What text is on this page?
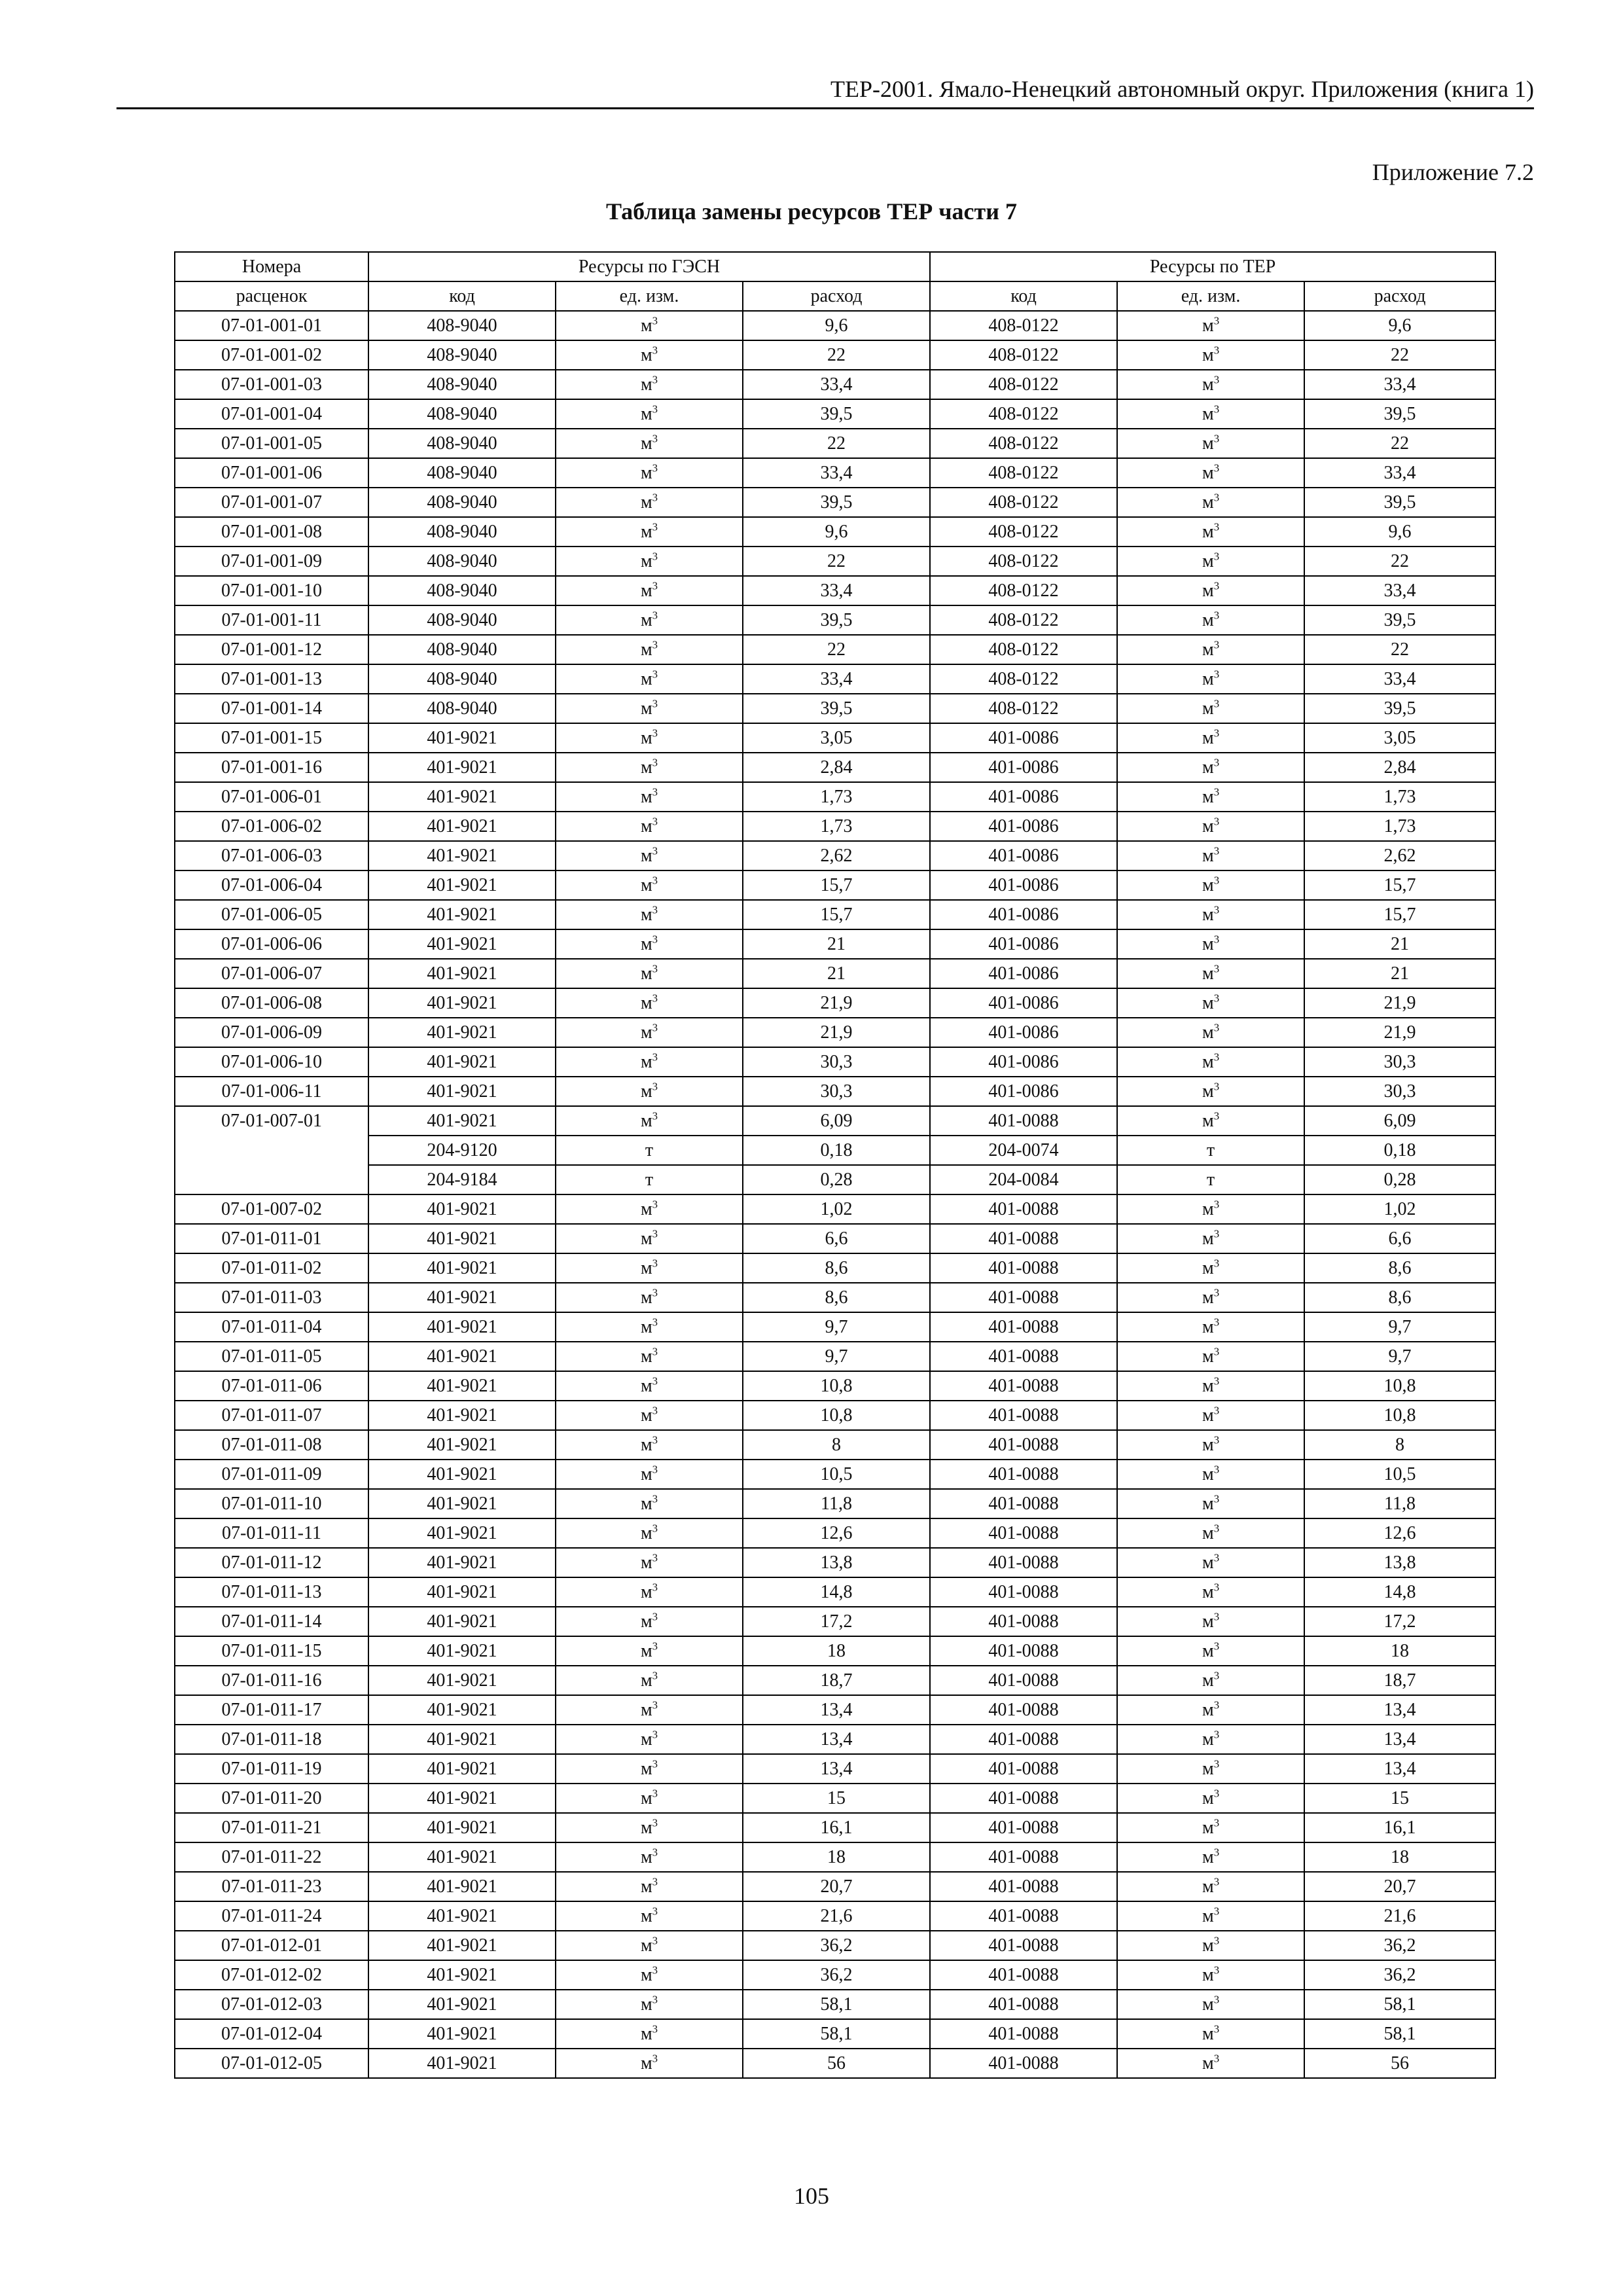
ТЕР-2001. Ямало-Ненецкий автономный округ. Приложения (книга 1)
Приложение 7.2
Таблица замены ресурсов ТЕР части 7
Номера	Ресурсы по ГЭСН			Ресурсы по ТЕР		
расценок	код	ед. изм.	расход	код	ед. изм.	расход
07-01-001-01	408-9040	$м^3$	9,6	408-0122	$м^3$	9,6
07-01-001-02	408-9040	$м^3$	22	408-0122	$м^3$	22
07-01-001-03	408-9040	$м^3$	33,4	408-0122	$м^3$	33,4
07-01-001-04	408-9040	$м^3$	39,5	408-0122	$м^3$	39,5
07-01-001-05	408-9040	$м^3$	22	408-0122	$м^3$	22
07-01-001-06	408-9040	$м^3$	33,4	408-0122	$м^3$	33,4
07-01-001-07	408-9040	$м^3$	39,5	408-0122	$м^3$	39,5
07-01-001-08	408-9040	$м^3$	9,6	408-0122	$м^3$	9,6
07-01-001-09	408-9040	$м^3$	22	408-0122	$м^3$	22
07-01-001-10	408-9040	$м^3$	33,4	408-0122	$м^3$	33,4
07-01-001-11	408-9040	$м^3$	39,5	408-0122	$м^3$	39,5
07-01-001-12	408-9040	$м^3$	22	408-0122	$м^3$	22
07-01-001-13	408-9040	$м^3$	33,4	408-0122	$м^3$	33,4
07-01-001-14	408-9040	$м^3$	39,5	408-0122	$м^3$	39,5
07-01-001-15	401-9021	$м^3$	3,05	401-0086	$м^3$	3,05
07-01-001-16	401-9021	$м^3$	2,84	401-0086	$м^3$	2,84
07-01-006-01	401-9021	$м^3$	1,73	401-0086	$м^3$	1,73
07-01-006-02	401-9021	$м^3$	1,73	401-0086	$м^3$	1,73
07-01-006-03	401-9021	$м^3$	2,62	401-0086	$м^3$	2,62
07-01-006-04	401-9021	$м^3$	15,7	401-0086	$м^3$	15,7
07-01-006-05	401-9021	$м^3$	15,7	401-0086	$м^3$	15,7
07-01-006-06	401-9021	$м^3$	21	401-0086	$м^3$	21
07-01-006-07	401-9021	$м^3$	21	401-0086	$м^3$	21
07-01-006-08	401-9021	$м^3$	21,9	401-0086	$м^3$	21,9
07-01-006-09	401-9021	$м^3$	21,9	401-0086	$м^3$	21,9
07-01-006-10	401-9021	$м^3$	30,3	401-0086	$м^3$	30,3
07-01-006-11	401-9021	$м^3$	30,3	401-0086	$м^3$	30,3
07-01-007-01	401-9021	$м^3$	6,09	401-0088	$м^3$	6,09
	204-9120	т	0,18	204-0074	т	0,18
	204-9184	т	0,28	204-0084	т	0,28
07-01-007-02	401-9021	$м^3$	1,02	401-0088	$м^3$	1,02
07-01-011-01	401-9021	$м^3$	6,6	401-0088	$м^3$	6,6
07-01-011-02	401-9021	$м^3$	8,6	401-0088	$м^3$	8,6
07-01-011-03	401-9021	$м^3$	8,6	401-0088	$м^3$	8,6
07-01-011-04	401-9021	$м^3$	9,7	401-0088	$м^3$	9,7
07-01-011-05	401-9021	$м^3$	9,7	401-0088	$м^3$	9,7
07-01-011-06	401-9021	$м^3$	10,8	401-0088	$м^3$	10,8
07-01-011-07	401-9021	$м^3$	10,8	401-0088	$м^3$	10,8
07-01-011-08	401-9021	$м^3$	8	401-0088	$м^3$	8
07-01-011-09	401-9021	$м^3$	10,5	401-0088	$м^3$	10,5
07-01-011-10	401-9021	$м^3$	11,8	401-0088	$м^3$	11,8
07-01-011-11	401-9021	$м^3$	12,6	401-0088	$м^3$	12,6
07-01-011-12	401-9021	$м^3$	13,8	401-0088	$м^3$	13,8
07-01-011-13	401-9021	$м^3$	14,8	401-0088	$м^3$	14,8
07-01-011-14	401-9021	$м^3$	17,2	401-0088	$м^3$	17,2
07-01-011-15	401-9021	$м^3$	18	401-0088	$м^3$	18
07-01-011-16	401-9021	$м^3$	18,7	401-0088	$м^3$	18,7
07-01-011-17	401-9021	$м^3$	13,4	401-0088	$м^3$	13,4
07-01-011-18	401-9021	$м^3$	13,4	401-0088	$м^3$	13,4
07-01-011-19	401-9021	$м^3$	13,4	401-0088	$м^3$	13,4
07-01-011-20	401-9021	$м^3$	15	401-0088	$м^3$	15
07-01-011-21	401-9021	$м^3$	16,1	401-0088	$м^3$	16,1
07-01-011-22	401-9021	$м^3$	18	401-0088	$м^3$	18
07-01-011-23	401-9021	$м^3$	20,7	401-0088	$м^3$	20,7
07-01-011-24	401-9021	$м^3$	21,6	401-0088	$м^3$	21,6
07-01-012-01	401-9021	$м^3$	36,2	401-0088	$м^3$	36,2
07-01-012-02	401-9021	$м^3$	36,2	401-0088	$м^3$	36,2
07-01-012-03	401-9021	$м^3$	58,1	401-0088	$м^3$	58,1
07-01-012-04	401-9021	$м^3$	58,1	401-0088	$м^3$	58,1
07-01-012-05	401-9021	$м^3$	56	401-0088	$м^3$	56
105
